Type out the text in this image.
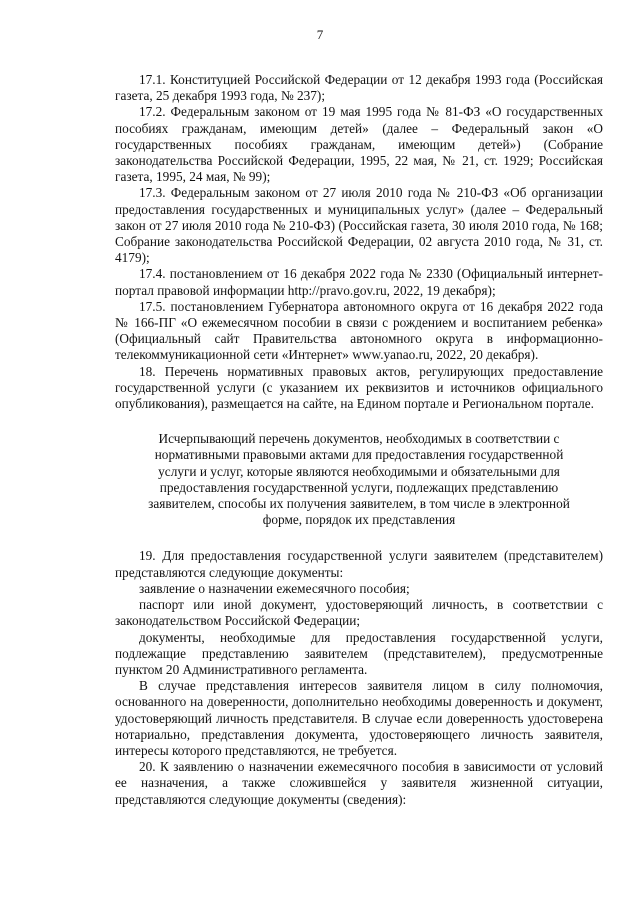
7

17.1. Конституцией Российской Федерации от 12 декабря 1993 года (Российская газета, 25 декабря 1993 года, № 237);

17.2. Федеральным законом от 19 мая 1995 года № 81-ФЗ «О государственных пособиях гражданам, имеющим детей» (далее – Федеральный закон «О государственных пособиях гражданам, имеющим детей») (Собрание законодательства Российской Федерации, 1995, 22 мая, № 21, ст. 1929; Российская газета, 1995, 24 мая, № 99);

17.3. Федеральным законом от 27 июля 2010 года № 210-ФЗ «Об организации предоставления государственных и муниципальных услуг» (далее – Федеральный закон от 27 июля 2010 года № 210-ФЗ) (Российская газета, 30 июля 2010 года, № 168; Собрание законодательства Российской Федерации, 02 августа 2010 года, № 31, ст. 4179);

17.4. постановлением от 16 декабря 2022 года № 2330 (Официальный интернет-портал правовой информации http://pravo.gov.ru, 2022, 19 декабря);

17.5. постановлением Губернатора автономного округа от 16 декабря 2022 года № 166-ПГ «О ежемесячном пособии в связи с рождением и воспитанием ребенка» (Официальный сайт Правительства автономного округа в информационно-телекоммуникационной сети «Интернет» www.yanao.ru, 2022, 20 декабря).

18. Перечень нормативных правовых актов, регулирующих предоставление государственной услуги (с указанием их реквизитов и источников официального опубликования), размещается на сайте, на Едином портале и Региональном портале.

Исчерпывающий перечень документов, необходимых в соответствии с
нормативными правовыми актами для предоставления государственной
услуги и услуг, которые являются необходимыми и обязательными для
предоставления государственной услуги, подлежащих представлению
заявителем, способы их получения заявителем, в том числе в электронной
форме, порядок их представления

19. Для предоставления государственной услуги заявителем (представителем) представляются следующие документы:

заявление о назначении ежемесячного пособия;

паспорт или иной документ, удостоверяющий личность, в соответствии с законодательством Российской Федерации;

документы, необходимые для предоставления государственной услуги, подлежащие представлению заявителем (представителем), предусмотренные пунктом 20 Административного регламента.

В случае представления интересов заявителя лицом в силу полномочия, основанного на доверенности, дополнительно необходимы доверенность и документ, удостоверяющий личность представителя. В случае если доверенность удостоверена нотариально, представления документа, удостоверяющего личность заявителя, интересы которого представляются, не требуется.

20. К заявлению о назначении ежемесячного пособия в зависимости от условий ее назначения, а также сложившейся у заявителя жизненной ситуации, представляются следующие документы (сведения):
